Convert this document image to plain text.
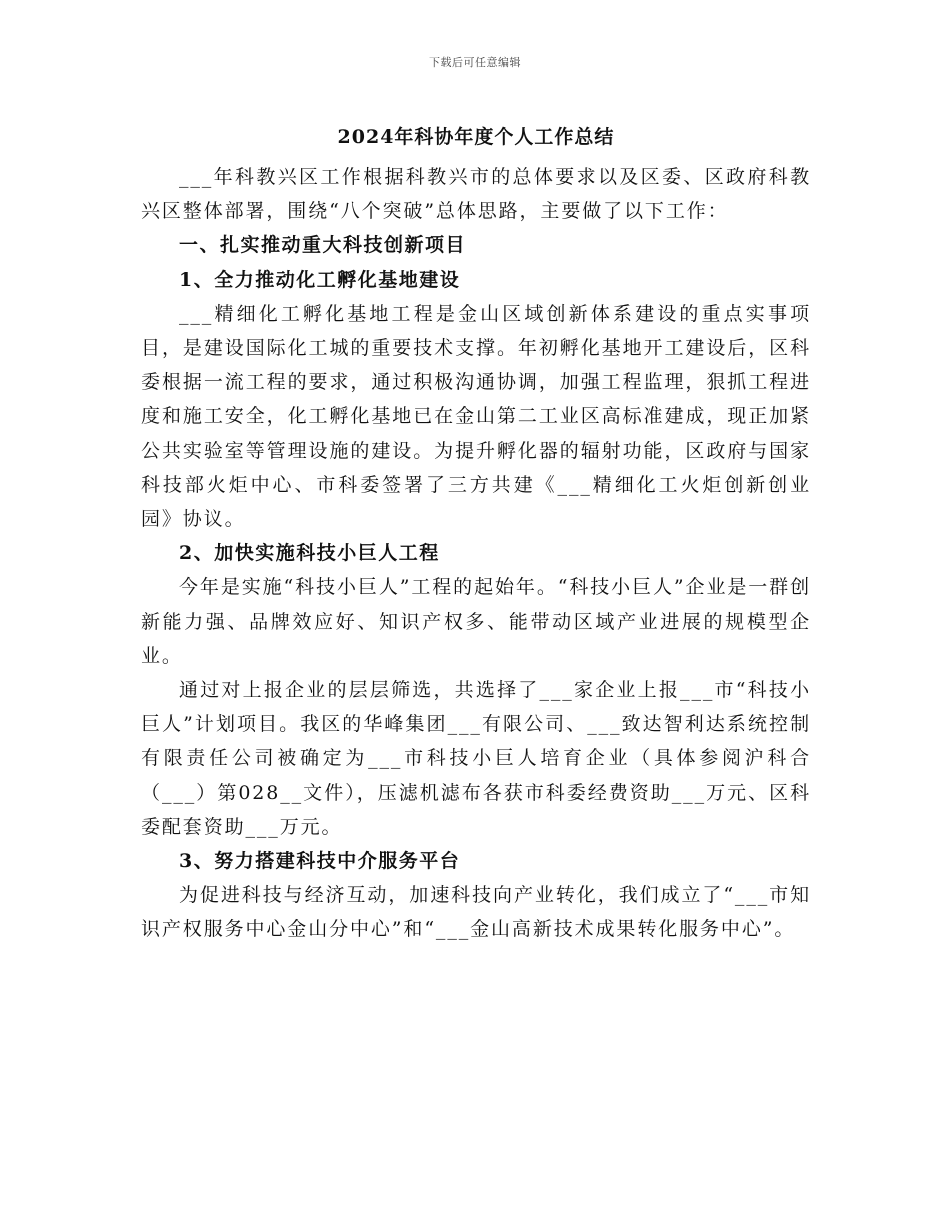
下载后可任意编辑
2024年科协年度个人工作总结

___年科教兴区工作根据科教兴市的总体要求以及区委、区政府科教兴区整体部署，围绕“八个突破”总体思路，主要做了以下工作：

一、扎实推动重大科技创新项目

1、全力推动化工孵化基地建设

___精细化工孵化基地工程是金山区域创新体系建设的重点实事项目，是建设国际化工城的重要技术支撑。年初孵化基地开工建设后，区科委根据一流工程的要求，通过积极沟通协调，加强工程监理，狠抓工程进度和施工安全，化工孵化基地已在金山第二工业区高标准建成，现正加紧公共实验室等管理设施的建设。为提升孵化器的辐射功能，区政府与国家科技部火炬中心、市科委签署了三方共建《___精细化工火炬创新创业园》协议。

2、加快实施科技小巨人工程

今年是实施“科技小巨人”工程的起始年。“科技小巨人”企业是一群创新能力强、品牌效应好、知识产权多、能带动区域产业进展的规模型企业。

通过对上报企业的层层筛选，共选择了___家企业上报___市“科技小巨人”计划项目。我区的华峰集团___有限公司、___致达智利达系统控制有限责任公司被确定为___市科技小巨人培育企业（具体参阅沪科合（___）第028__文件），压滤机滤布各获市科委经费资助___万元、区科委配套资助___万元。

3、努力搭建科技中介服务平台

为促进科技与经济互动，加速科技向产业转化，我们成立了“___市知识产权服务中心金山分中心”和“___金山高新技术成果转化服务中心”。
